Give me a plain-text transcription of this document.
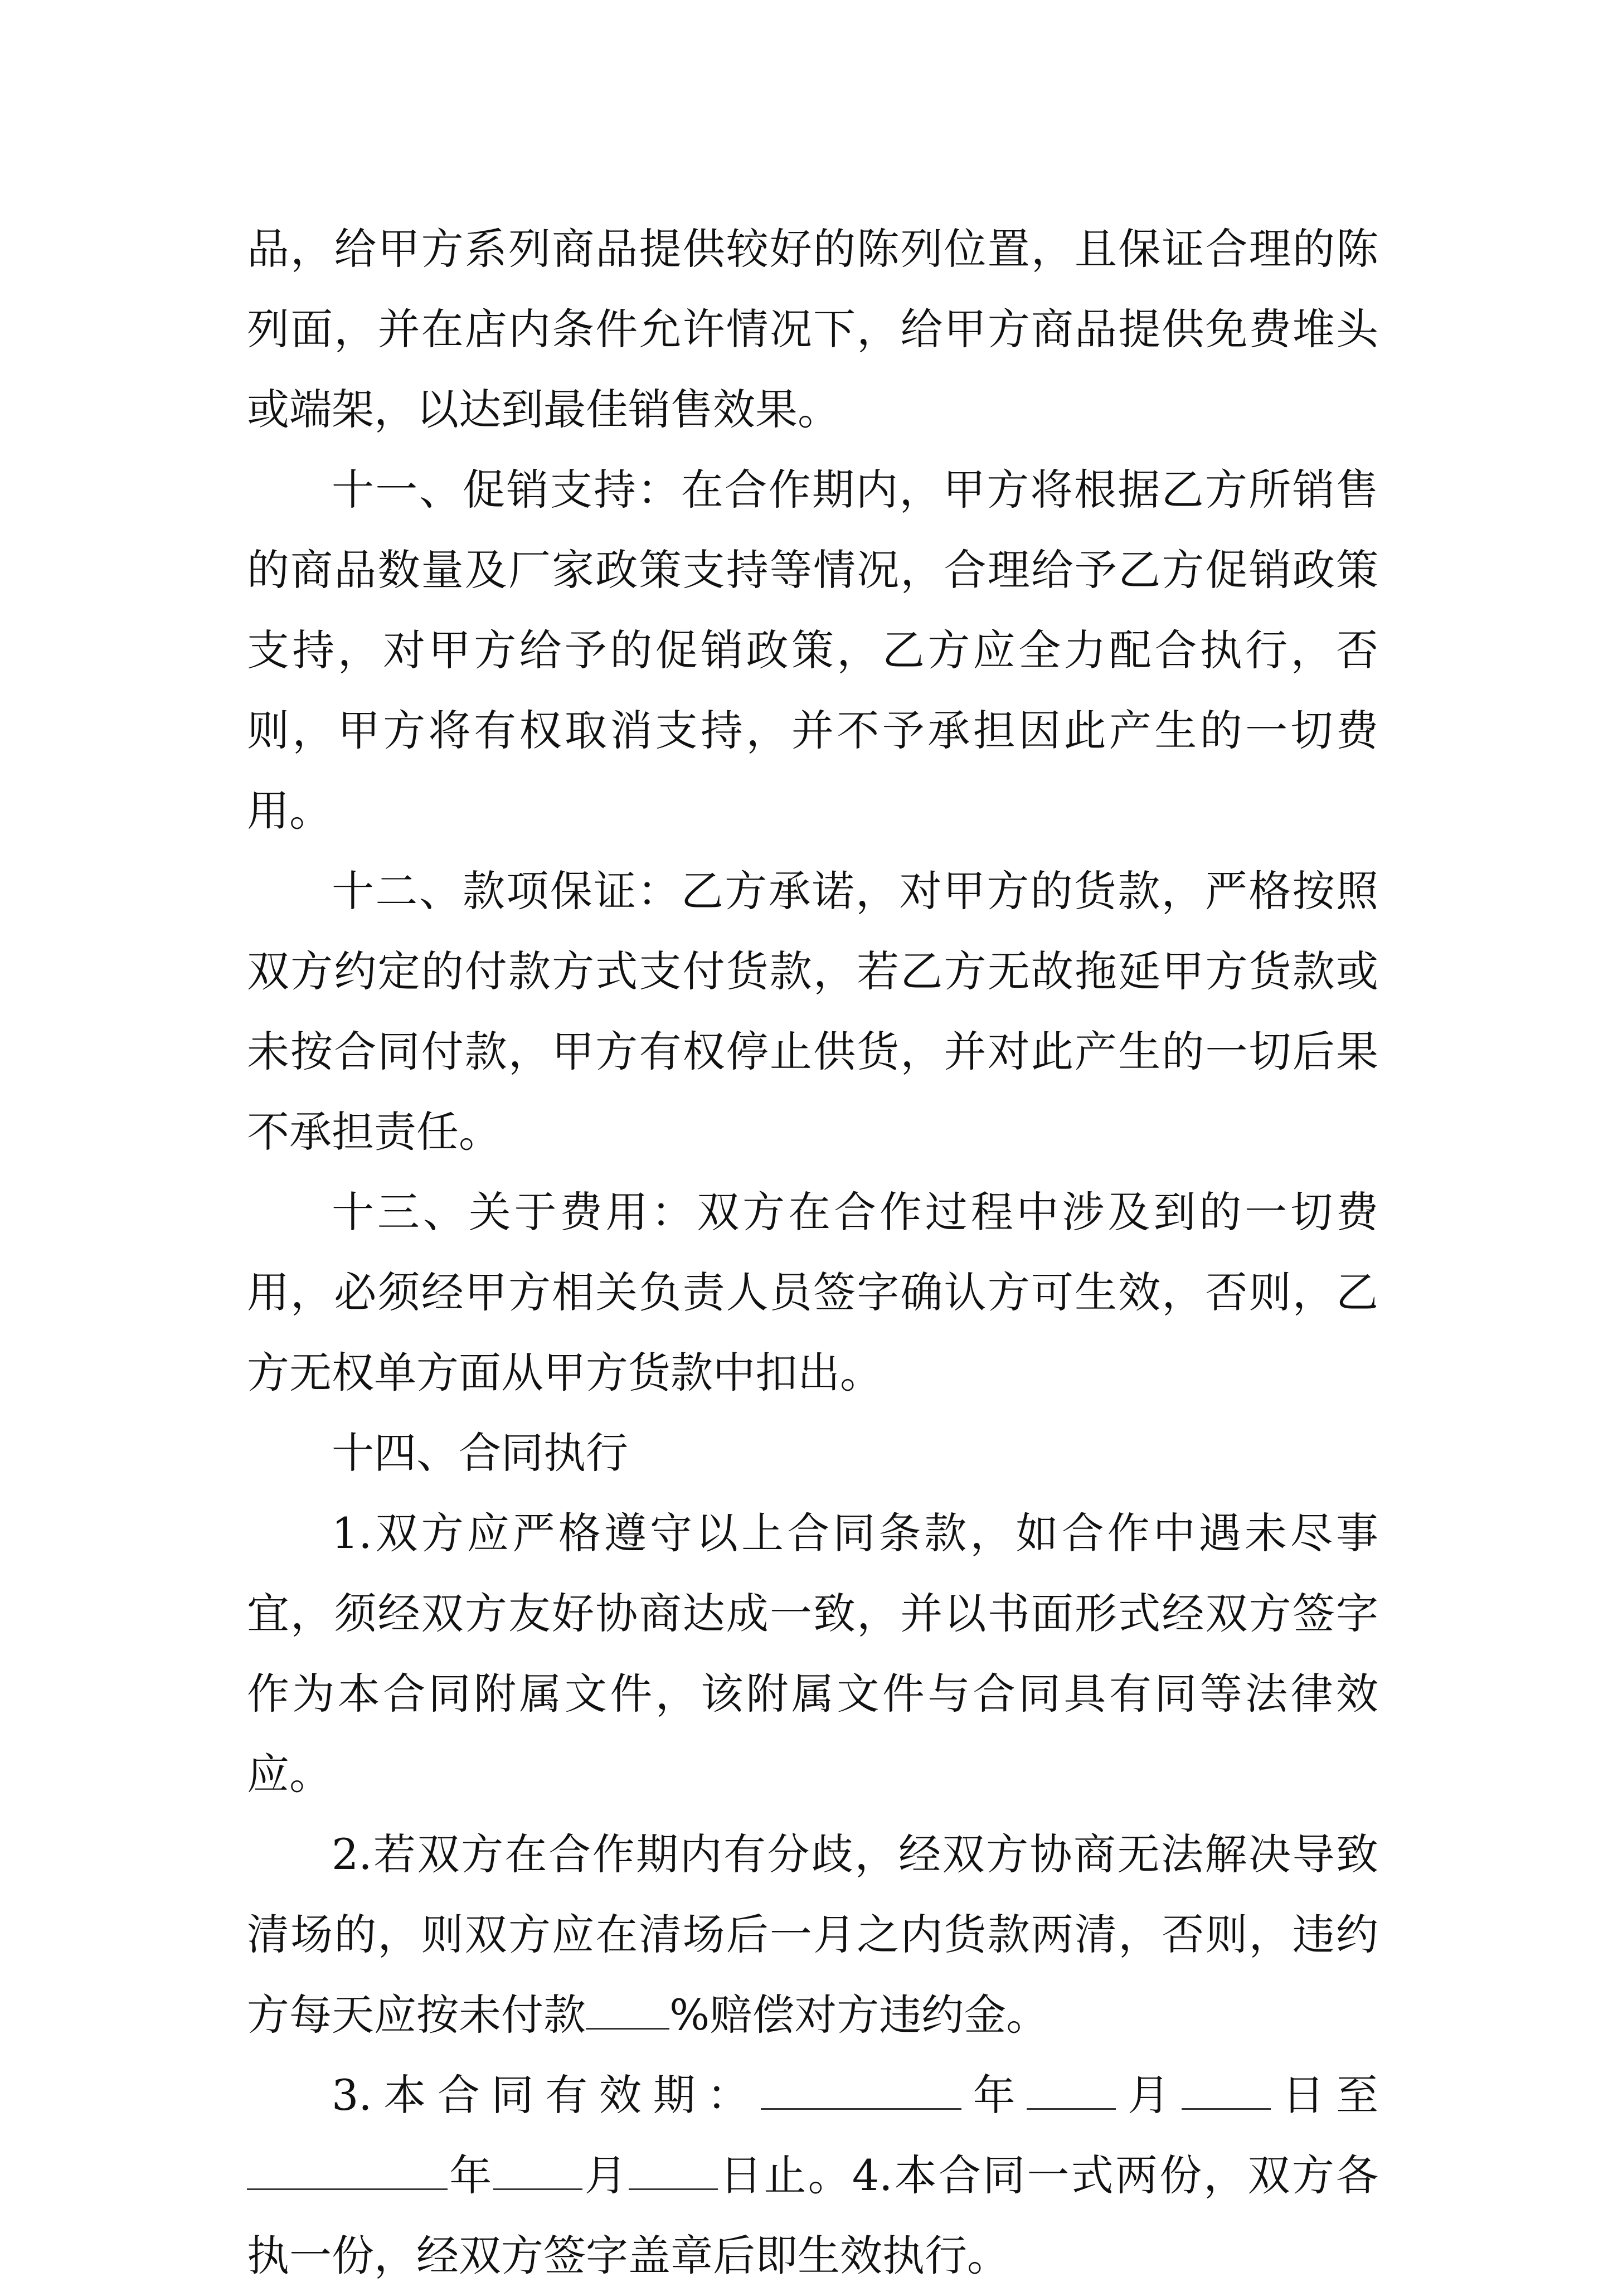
品，给甲方系列商品提供较好的陈列位置，且保证合理的陈列面，并在店内条件允许情况下，给甲方商品提供免费堆头或端架，以达到最佳销售效果。

十一、促销支持：在合作期内，甲方将根据乙方所销售的商品数量及厂家政策支持等情况，合理给予乙方促销政策支持，对甲方给予的促销政策，乙方应全力配合执行，否则，甲方将有权取消支持，并不予承担因此产生的一切费用。

十二、款项保证：乙方承诺，对甲方的货款，严格按照双方约定的付款方式支付货款，若乙方无故拖延甲方货款或未按合同付款，甲方有权停止供货，并对此产生的一切后果不承担责任。

十三、关于费用：双方在合作过程中涉及到的一切费用，必须经甲方相关负责人员签字确认方可生效，否则，乙方无权单方面从甲方货款中扣出。

十四、合同执行

1.双方应严格遵守以上合同条款，如合作中遇未尽事宜，须经双方友好协商达成一致，并以书面形式经双方签字作为本合同附属文件，该附属文件与合同具有同等法律效应。

2.若双方在合作期内有分歧，经双方协商无法解决导致清场的，则双方应在清场后一月之内货款两清，否则，违约方每天应按未付款 %赔偿对方违约金。

3.本合同有效期：	年 月 日至年 月 日止。4.本合同一式两份，双方各执一份，经双方签字盖章后即生效执行。
